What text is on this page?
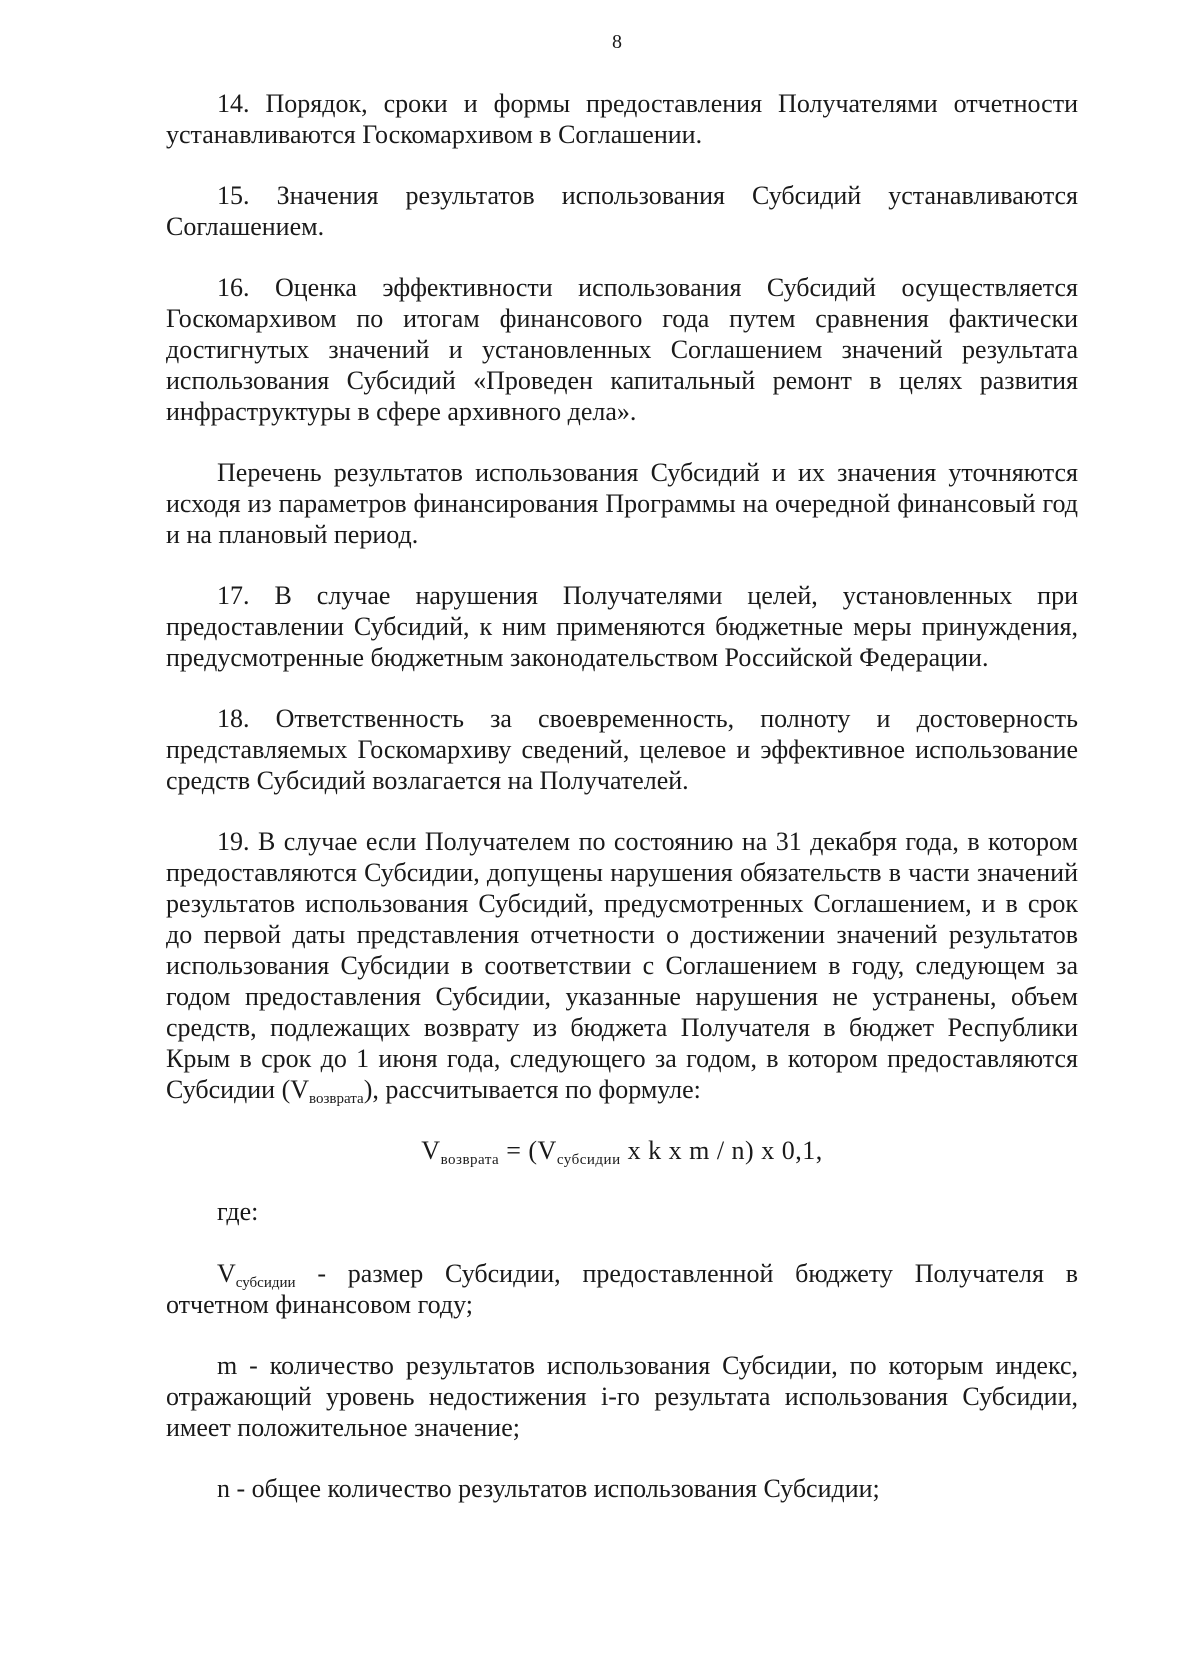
8

14. Порядок, сроки и формы предоставления Получателями отчетности устанавливаются Госкомархивом в Соглашении.

15. Значения результатов использования Субсидий устанавливаются Соглашением.

16. Оценка эффективности использования Субсидий осуществляется Госкомархивом по итогам финансового года путем сравнения фактически достигнутых значений и установленных Соглашением значений результата использования Субсидий «Проведен капитальный ремонт в целях развития инфраструктуры в сфере архивного дела».

Перечень результатов использования Субсидий и их значения уточняются исходя из параметров финансирования Программы на очередной финансовый год и на плановый период.

17. В случае нарушения Получателями целей, установленных при предоставлении Субсидий, к ним применяются бюджетные меры принуждения, предусмотренные бюджетным законодательством Российской Федерации.

18. Ответственность за своевременность, полноту и достоверность представляемых Госкомархиву сведений, целевое и эффективное использование средств Субсидий возлагается на Получателей.

19. В случае если Получателем по состоянию на 31 декабря года, в котором предоставляются Субсидии, допущены нарушения обязательств в части значений результатов использования Субсидий, предусмотренных Соглашением, и в срок до первой даты представления отчетности о достижении значений результатов использования Субсидии в соответствии с Соглашением в году, следующем за годом предоставления Субсидии, указанные нарушения не устранены, объем средств, подлежащих возврату из бюджета Получателя в бюджет Республики Крым в срок до 1 июня года, следующего за годом, в котором предоставляются Субсидии $(V_{возврата})$, рассчитывается по формуле:

$V_{возврата} = (V_{субсидии}$ x k x m / n) x 0,1,

где:

$V_{субсидии}$ - размер Субсидии, предоставленной бюджету Получателя в отчетном финансовом году;

m - количество результатов использования Субсидии, по которым индекс, отражающий уровень недостижения i-го результата использования Субсидии, имеет положительное значение;

n - общее количество результатов использования Субсидии;
